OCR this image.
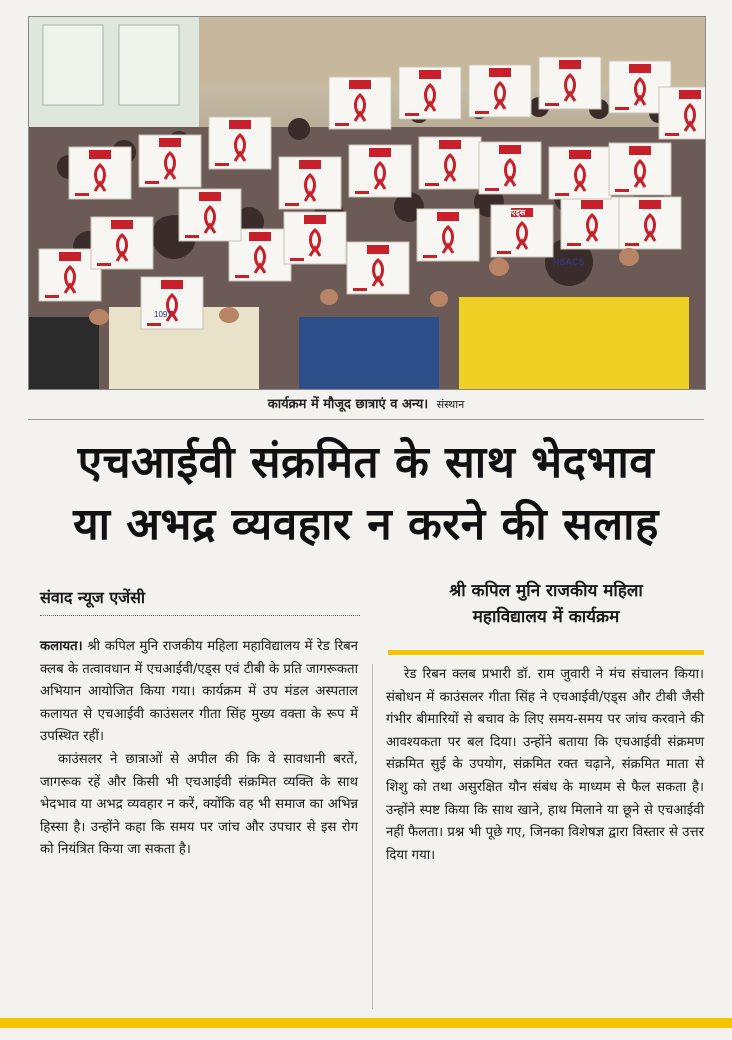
HSACS
1097
एड्स
कार्यक्रम में मौजूद छात्राएं व अन्य। संस्थान
एचआईवी संक्रमित के साथ भेदभाव
या अभद्र व्यवहार न करने की सलाह
संवाद न्यूज एजेंसी	श्री कपिल मुनि राजकीय महिला
महाविद्यालय में कार्यक्रम

कलायत। श्री कपिल मुनि राजकीय महिला महाविद्यालय में रेड रिबन क्लब के तत्वावधान में एचआईवी/एड्स एवं टीबी के प्रति जागरूकता अभियान आयोजित किया गया। कार्यक्रम में उप मंडल अस्पताल कलायत से एचआईवी काउंसलर गीता सिंह मुख्य वक्ता के रूप में उपस्थित रहीं।

काउंसलर ने छात्राओं से अपील की कि वे सावधानी बरतें, जागरूक रहें और किसी भी एचआईवी संक्रमित व्यक्ति के साथ भेदभाव या अभद्र व्यवहार न करें, क्योंकि वह भी समाज का अभिन्न हिस्सा है। उन्होंने कहा कि समय पर जांच और उपचार से इस रोग को नियंत्रित किया जा सकता है।

रेड रिबन क्लब प्रभारी डॉ. राम जुवारी ने मंच संचालन किया। संबोधन में काउंसलर गीता सिंह ने एचआईवी/एड्स और टीबी जैसी गंभीर बीमारियों से बचाव के लिए समय-समय पर जांच करवाने की आवश्यकता पर बल दिया। उन्होंने बताया कि एचआईवी संक्रमण संक्रमित सुई के उपयोग, संक्रमित रक्त चढ़ाने, संक्रमित माता से शिशु को तथा असुरक्षित यौन संबंध के माध्यम से फैल सकता है। उन्होंने स्पष्ट किया कि साथ खाने, हाथ मिलाने या छूने से एचआईवी नहीं फैलता। प्रश्न भी पूछे गए, जिनका विशेषज्ञ द्वारा विस्तार से उत्तर दिया गया।
